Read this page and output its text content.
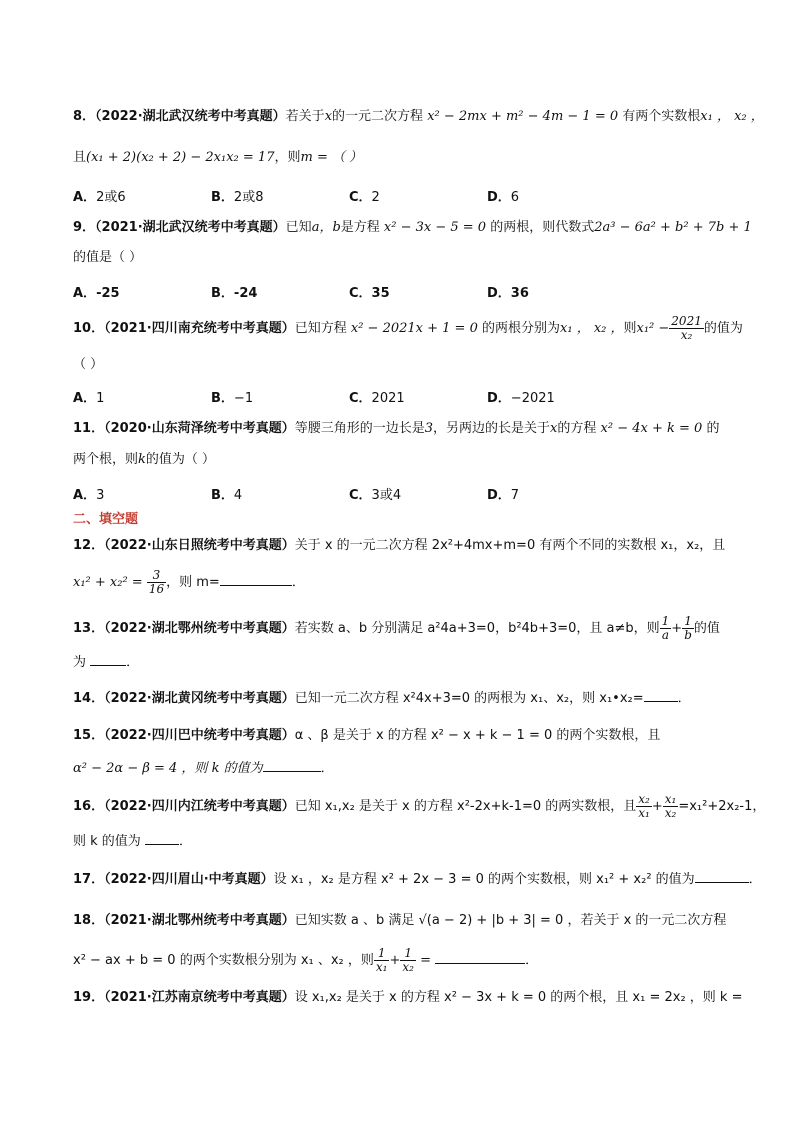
8．（2022·湖北武汉统考中考真题）若关于x的一元二次方程 x² − 2mx + m² − 4m − 1 = 0 有两个实数根x₁ ， x₂ ，
且(x₁ + 2)(x₂ + 2) − 2x₁x₂ = 17，则m = （ ）
A．2或6	B．2或8	C．2	D．6
9．（2021·湖北武汉统考中考真题）已知a，b是方程 x² − 3x − 5 = 0 的两根，则代数式2a³ − 6a² + b² + 7b + 1
的值是（ ）
A．-25	B．-24	C．35	D．36
10．（2021·四川南充统考中考真题）已知方程 x² − 2021x + 1 = 0 的两根分别为x₁ ， x₂ ，则$x_1^2 - \frac{2021}{\text{x₂}}$ 的值为
（ ）
A．1	B．−1	C．2021	D．−2021
11．（2020·山东菏泽统考中考真题）等腰三角形的一边长是3，另两边的长是关于x的方程 x² − 4x + k = 0 的
两个根，则k的值为（ ）
A．3	B．4	C．3或4	D．7
二、填空题
12．（2022·山东日照统考中考真题）关于 x 的一元二次方程 2x²+4mx+m=0 有两个不同的实数根 x₁，x₂，且
$x_1^2 + x_2^2 = \frac{3}{16}$ ，则 m=	．
13．（2022·湖北鄂州统考中考真题）若实数 a、b 分别满足 a²4a+3=0，b²4b+3=0，且 a≠b，则 $\frac{1}{a} + \frac{1}{b}$ 的值
为	．
14．（2022·湖北黄冈统考中考真题）已知一元二次方程 x²4x+3=0 的两根为 x₁、x₂，则 x₁•x₂=	．
15．（2022·四川巴中统考中考真题）α 、β 是关于 x 的方程 x² − x + k − 1 = 0 的两个实数根，且
α² − 2α − β = 4 ，则 k 的值为	．
16．（2022·四川内江统考中考真题）已知 x₁,x₂ 是关于 x 的方程 x²-2x+k-1=0 的两实数根，且 $\frac{\text{x₂}}{\text{x₁}} + \frac{\text{x₁}}{\text{x₂}} =x_1^2+2x_2-1$，
则 k 的值为	．
17．（2022·四川眉山·中考真题）设 x₁ ，x₂ 是方程 x² + 2x − 3 = 0 的两个实数根，则 x₁² + x₂² 的值为	．
18．（2021·湖北鄂州统考中考真题）已知实数 a 、b 满足 √(a − 2) + |b + 3| = 0 ，若关于 x 的一元二次方程
x² − ax + b = 0 的两个实数根分别为 x₁ 、x₂ ，则 $\frac{1}{\text{x₁}} + \frac{1}{\text{x₂}}$ =	．
19．（2021·江苏南京统考中考真题）设 x₁,x₂ 是关于 x 的方程 x² − 3x + k = 0 的两个根，且 x₁ = 2x₂ ，则 k =
